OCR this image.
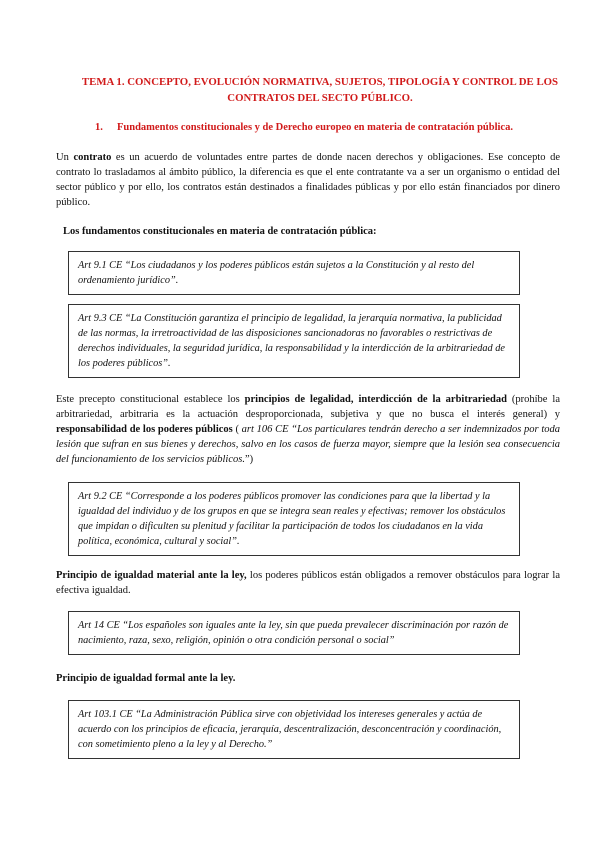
TEMA 1. CONCEPTO, EVOLUCIÓN NORMATIVA, SUJETOS, TIPOLOGÍA Y CONTROL DE LOS CONTRATOS DEL SECTO PÚBLICO.
1. Fundamentos constitucionales y de Derecho europeo en materia de contratación pública.
Un contrato es un acuerdo de voluntades entre partes de donde nacen derechos y obligaciones. Ese concepto de contrato lo trasladamos al ámbito público, la diferencia es que el ente contratante va a ser un organismo o entidad del sector público y por ello, los contratos están destinados a finalidades públicas y por ello están financiados por dinero público.
Los fundamentos constitucionales en materia de contratación pública:
Art 9.1 CE “Los ciudadanos y los poderes públicos están sujetos a la Constitución y al resto del ordenamiento jurídico”.
Art 9.3 CE “La Constitución garantiza el principio de legalidad, la jerarquía normativa, la publicidad de las normas, la irretroactividad de las disposiciones sancionadoras no favorables o restrictivas de derechos individuales, la seguridad jurídica, la responsabilidad y la interdicción de la arbitrariedad de los poderes públicos”.
Este precepto constitucional establece los principios de legalidad, interdicción de la arbitrariedad (prohíbe la arbitrariedad, arbitraria es la actuación desproporcionada, subjetiva y que no busca el interés general) y responsabilidad de los poderes públicos ( art 106 CE “Los particulares tendrán derecho a ser indemnizados por toda lesión que sufran en sus bienes y derechos, salvo en los casos de fuerza mayor, siempre que la lesión sea consecuencia del funcionamiento de los servicios públicos.”)
Art 9.2 CE “Corresponde a los poderes públicos promover las condiciones para que la libertad y la igualdad del individuo y de los grupos en que se integra sean reales y efectivas; remover los obstáculos que impidan o dificulten su plenitud y facilitar la participación de todos los ciudadanos en la vida política, económica, cultural y social”.
Principio de igualdad material ante la ley, los poderes públicos están obligados a remover obstáculos para lograr la efectiva igualdad.
Art 14 CE “Los españoles son iguales ante la ley, sin que pueda prevalecer discriminación por razón de nacimiento, raza, sexo, religión, opinión o otra condición personal o social”
Principio de igualdad formal ante la ley.
Art 103.1 CE “La Administración Pública sirve con objetividad los intereses generales y actúa de acuerdo con los principios de eficacia, jerarquía, descentralización, desconcentración y coordinación, con sometimiento pleno a la ley y al Derecho.”
